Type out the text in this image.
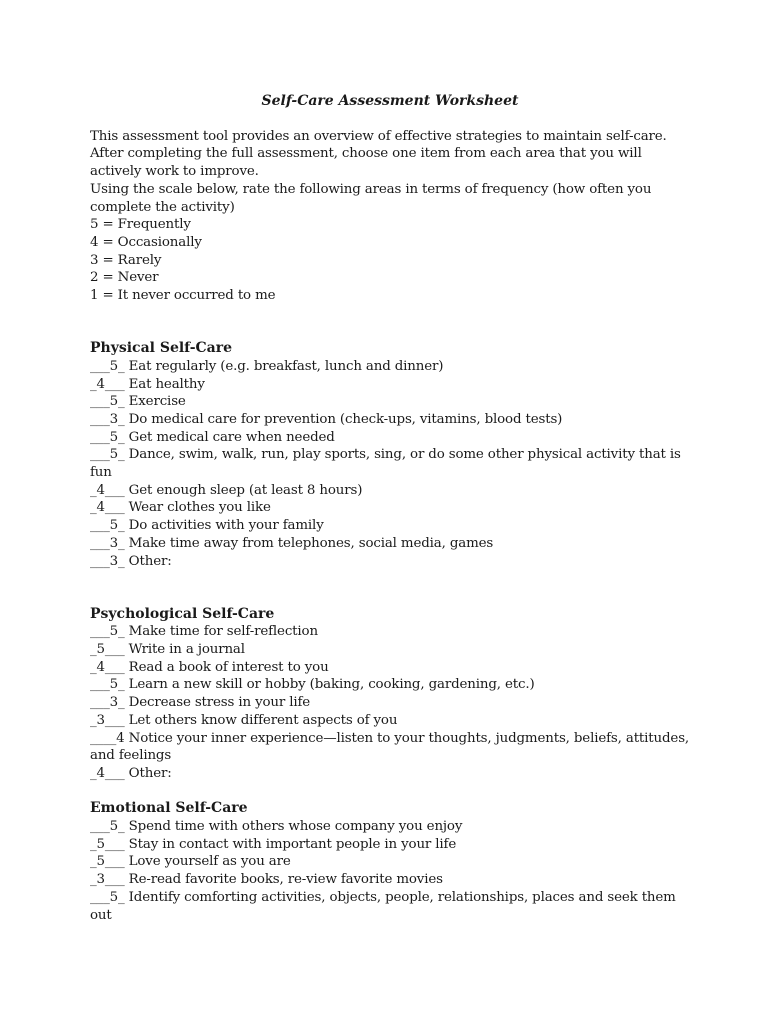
Self-Care Assessment Worksheet

This assessment tool provides an overview of effective strategies to maintain self-care. After completing the full assessment, choose one item from each area that you will actively work to improve.

Using the scale below, rate the following areas in terms of frequency (how often you complete the activity)

5 = Frequently
4 = Occasionally
3 = Rarely
2 = Never
1 = It never occurred to me
Physical Self-Care
___5_ Eat regularly (e.g. breakfast, lunch and dinner)
_4___ Eat healthy
___5_ Exercise
___3_ Do medical care for prevention (check-ups, vitamins, blood tests)
___5_ Get medical care when needed
___5_ Dance, swim, walk, run, play sports, sing, or do some other physical activity that is fun
_4___ Get enough sleep (at least 8 hours)
_4___ Wear clothes you like
___5_ Do activities with your family
___3_ Make time away from telephones, social media, games
___3_ Other:
Psychological Self-Care
___5_ Make time for self-reflection
_5___ Write in a journal
_4___ Read a book of interest to you
___5_ Learn a new skill or hobby (baking, cooking, gardening, etc.)
___3_ Decrease stress in your life
_3___ Let others know different aspects of you
____4 Notice your inner experience—listen to your thoughts, judgments, beliefs, attitudes, and feelings
_4___ Other:
Emotional Self-Care
___5_ Spend time with others whose company you enjoy
_5___ Stay in contact with important people in your life
_5___ Love yourself as you are
_3___ Re-read favorite books, re-view favorite movies
___5_ Identify comforting activities, objects, people, relationships, places and seek them out
